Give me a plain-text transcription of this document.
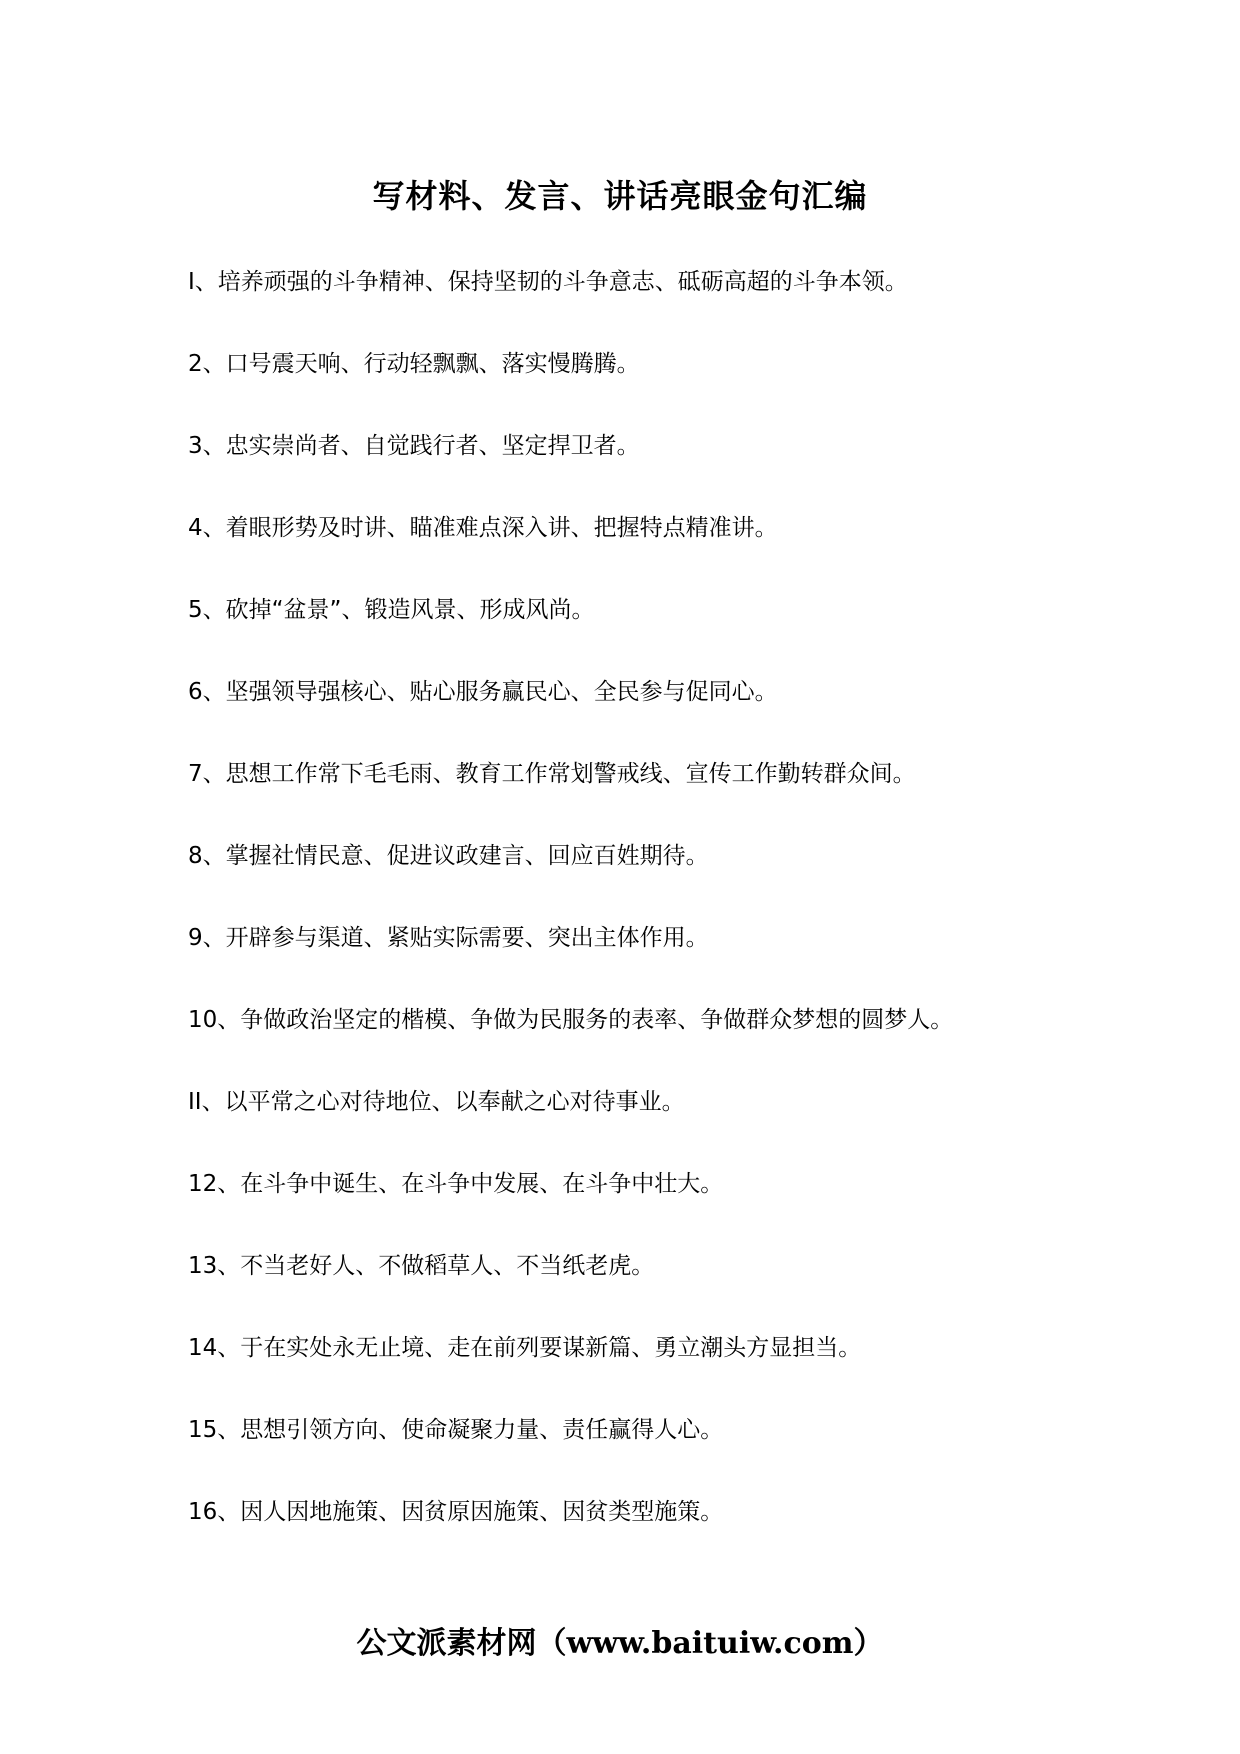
写材料、发言、讲话亮眼金句汇编
I、培养顽强的斗争精神、保持坚韧的斗争意志、砥砺高超的斗争本领。
2、口号震天响、行动轻飘飘、落实慢腾腾。
3、忠实崇尚者、自觉践行者、坚定捍卫者。
4、着眼形势及时讲、瞄准难点深入讲、把握特点精准讲。
5、砍掉“盆景”、锻造风景、形成风尚。
6、坚强领导强核心、贴心服务赢民心、全民参与促同心。
7、思想工作常下毛毛雨、教育工作常划警戒线、宣传工作勤转群众间。
8、掌握社情民意、促进议政建言、回应百姓期待。
9、开辟参与渠道、紧贴实际需要、突出主体作用。
10、争做政治坚定的楷模、争做为民服务的表率、争做群众梦想的圆梦人。
II、以平常之心对待地位、以奉献之心对待事业。
12、在斗争中诞生、在斗争中发展、在斗争中壮大。
13、不当老好人、不做稻草人、不当纸老虎。
14、于在实处永无止境、走在前列要谋新篇、勇立潮头方显担当。
15、思想引领方向、使命凝聚力量、责任赢得人心。
16、因人因地施策、因贫原因施策、因贫类型施策。
公文派素材网（www.baituiw.com）
